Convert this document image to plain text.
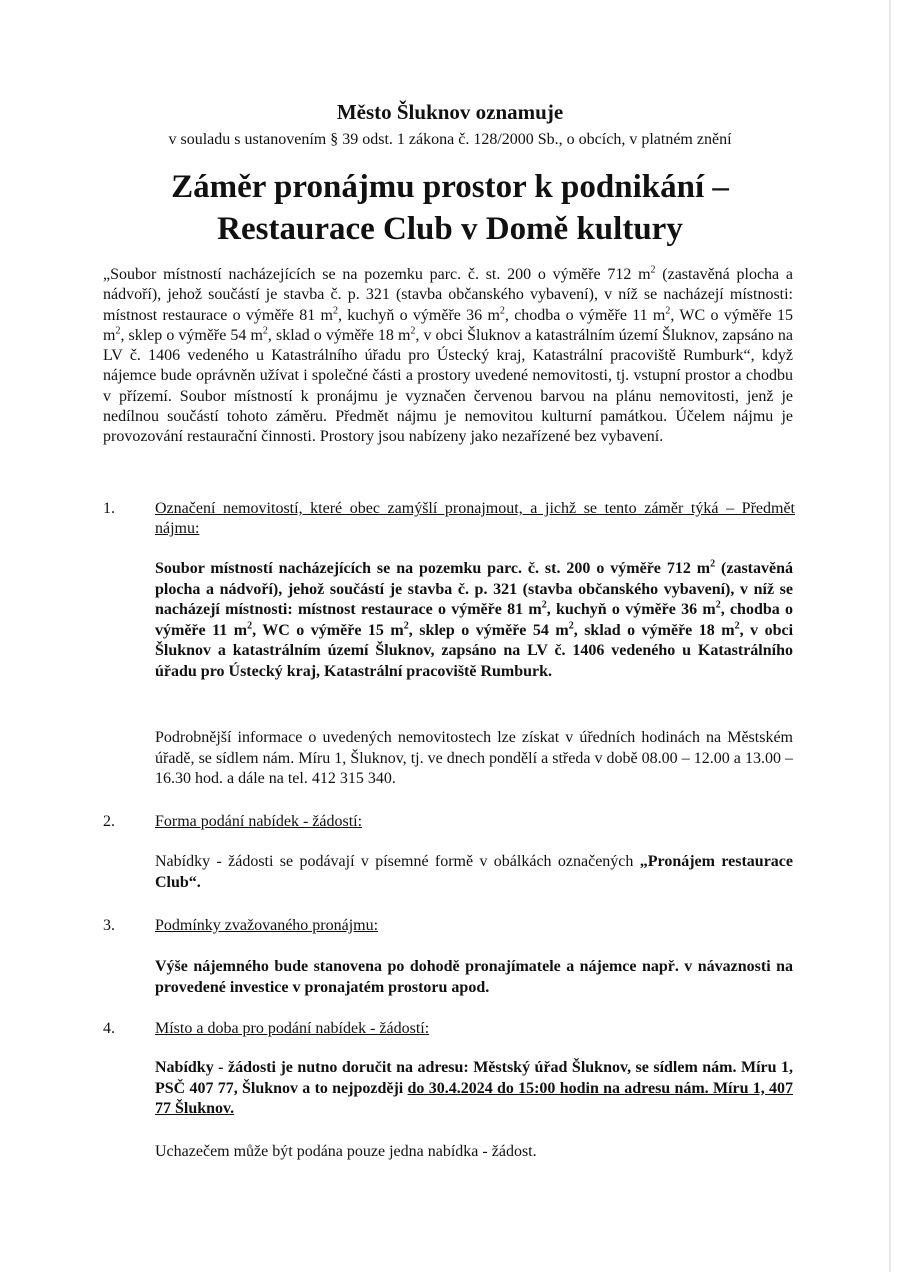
Město Šluknov oznamuje
v souladu s ustanovením § 39 odst. 1 zákona č. 128/2000 Sb., o obcích, v platném znění
Záměr pronájmu prostor k podnikání –
Restaurace Club v Domě kultury
„Soubor místností nacházejících se na pozemku parc. č. st. 200 o výměře 712 $m^2$ (zastavěná plocha a nádvoří), jehož součástí je stavba č. p. 321 (stavba občanského vybavení), v níž se nacházejí místnosti: místnost restaurace o výměře 81 $m^2$, kuchyň o výměře 36 $m^2$, chodba o výměře 11 $m^2$, WC o výměře 15 $m^2$, sklep o výměře 54 $m^2$, sklad o výměře 18 $m^2$, v obci Šluknov a katastrálním území Šluknov, zapsáno na LV č. 1406 vedeného u Katastrálního úřadu pro Ústecký kraj, Katastrální pracoviště Rumburk“, když nájemce bude oprávněn užívat i společné části a prostory uvedené nemovitosti, tj. vstupní prostor a chodbu v přízemí. Soubor místností k pronájmu je vyznačen červenou barvou na plánu nemovitosti, jenž je nedílnou součástí tohoto záměru. Předmět nájmu je nemovitou kulturní památkou. Účelem nájmu je provozování restaurační činnosti. Prostory jsou nabízeny jako nezařízené bez vybavení.
1.	Označení nemovitostí, které obec zamýšlí pronajmout, a jichž se tento záměr týká – Předmět nájmu:
Soubor místností nacházejících se na pozemku parc. č. st. 200 o výměře 712 $m^2$ (zastavěná plocha a nádvoří), jehož součástí je stavba č. p. 321 (stavba občanského vybavení), v níž se nacházejí místnosti: místnost restaurace o výměře 81 $m^2$, kuchyň o výměře 36 $m^2$, chodba o výměře 11 $m^2$, WC o výměře 15 $m^2$, sklep o výměře 54 $m^2$, sklad o výměře 18 $m^2$, v obci Šluknov a katastrálním území Šluknov, zapsáno na LV č. 1406 vedeného u Katastrálního úřadu pro Ústecký kraj, Katastrální pracoviště Rumburk.
Podrobnější informace o uvedených nemovitostech lze získat v úředních hodinách na Městském úřadě, se sídlem nám. Míru 1, Šluknov, tj. ve dnech pondělí a středa v době 08.00 – 12.00 a 13.00 – 16.30 hod. a dále na tel. 412 315 340.
2.	Forma podání nabídek - žádostí:
Nabídky - žádosti se podávají v písemné formě v obálkách označených „Pronájem restaurace Club“.
3.	Podmínky zvažovaného pronájmu:
Výše nájemného bude stanovena po dohodě pronajímatele a nájemce např. v návaznosti na provedené investice v pronajatém prostoru apod.
4.	Místo a doba pro podání nabídek - žádostí:
Nabídky - žádosti je nutno doručit na adresu: Městský úřad Šluknov, se sídlem nám. Míru 1, PSČ 407 77, Šluknov a to nejpozději do 30.4.2024 do 15:00 hodin na adresu nám. Míru 1, 407 77 Šluknov.
Uchazečem může být podána pouze jedna nabídka - žádost.
